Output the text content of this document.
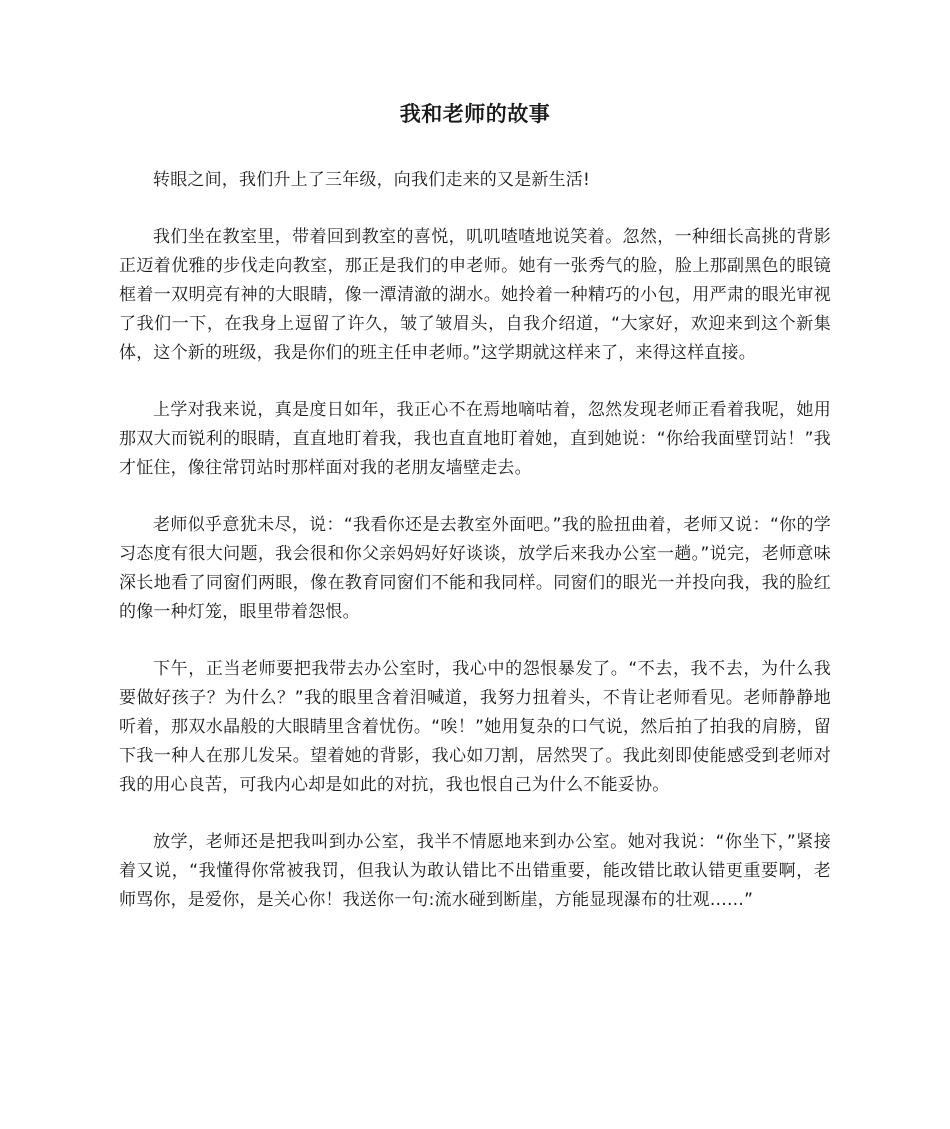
我和老师的故事

转眼之间，我们升上了三年级，向我们走来的又是新生活!

我们坐在教室里，带着回到教室的喜悦，叽叽喳喳地说笑着。忽然，一种细长高挑的背影正迈着优雅的步伐走向教室，那正是我们的申老师。她有一张秀气的脸，脸上那副黑色的眼镜框着一双明亮有神的大眼睛，像一潭清澈的湖水。她拎着一种精巧的小包，用严肃的眼光审视了我们一下，在我身上逗留了许久，皱了皱眉头，自我介绍道，“大家好，欢迎来到这个新集体，这个新的班级，我是你们的班主任申老师。”这学期就这样来了，来得这样直接。

上学对我来说，真是度日如年，我正心不在焉地嘀咕着，忽然发现老师正看着我呢，她用那双大而锐利的眼睛，直直地盯着我，我也直直地盯着她，直到她说：“你给我面壁罚站！”我才怔住，像往常罚站时那样面对我的老朋友墙壁走去。

老师似乎意犹未尽，说：“我看你还是去教室外面吧。”我的脸扭曲着，老师又说：“你的学习态度有很大问题，我会很和你父亲妈妈好好谈谈，放学后来我办公室一趟。”说完，老师意味深长地看了同窗们两眼，像在教育同窗们不能和我同样。同窗们的眼光一并投向我，我的脸红的像一种灯笼，眼里带着怨恨。

下午，正当老师要把我带去办公室时，我心中的怨恨暴发了。“不去，我不去，为什么我要做好孩子？为什么？”我的眼里含着泪喊道，我努力扭着头，不肯让老师看见。老师静静地听着，那双水晶般的大眼睛里含着忧伤。“唉！”她用复杂的口气说，然后拍了拍我的肩膀，留下我一种人在那儿发呆。望着她的背影，我心如刀割，居然哭了。我此刻即使能感受到老师对我的用心良苦，可我内心却是如此的对抗，我也恨自己为什么不能妥协。

放学，老师还是把我叫到办公室，我半不情愿地来到办公室。她对我说：“你坐下，”紧接着又说，“我懂得你常被我罚，但我认为敢认错比不出错重要，能改错比敢认错更重要啊，老师骂你，是爱你，是关心你！我送你一句:流水碰到断崖，方能显现瀑布的壮观……”
